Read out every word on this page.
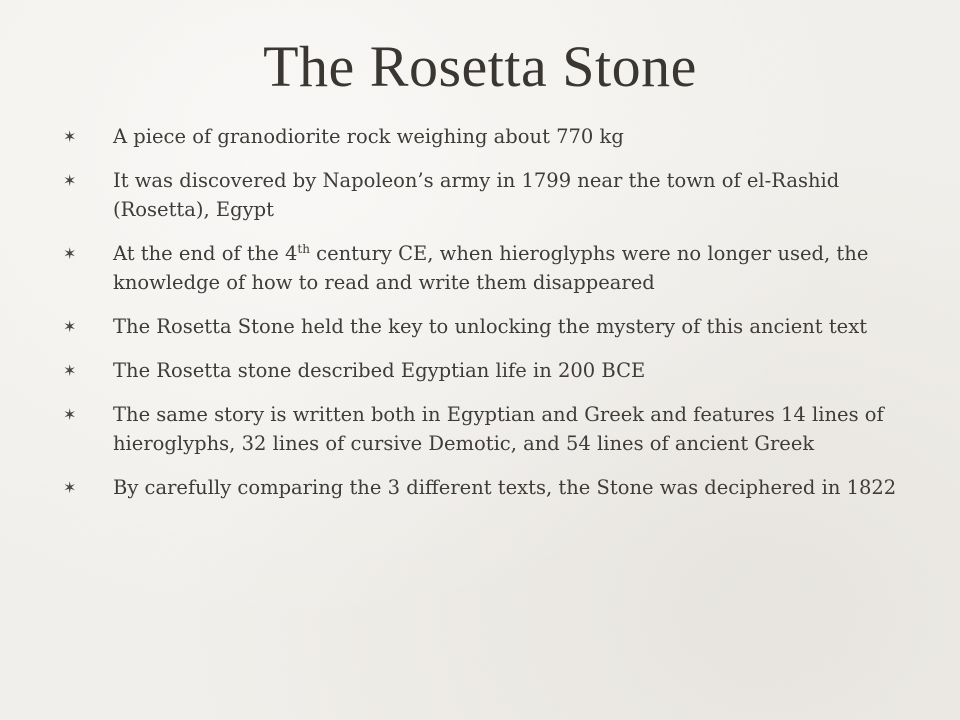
The Rosetta Stone
✶ A piece of granodiorite rock weighing about 770 kg
✶ It was discovered by Napoleon’s army in 1799 near the town of el-Rashid (Rosetta), Egypt
✶ At the end of the 4th century CE, when hieroglyphs were no longer used, the knowledge of how to read and write them disappeared
✶ The Rosetta Stone held the key to unlocking the mystery of this ancient text
✶ The Rosetta stone described Egyptian life in 200 BCE
✶ The same story is written both in Egyptian and Greek and features 14 lines of hieroglyphs, 32 lines of cursive Demotic, and 54 lines of ancient Greek
✶ By carefully comparing the 3 different texts, the Stone was deciphered in 1822
